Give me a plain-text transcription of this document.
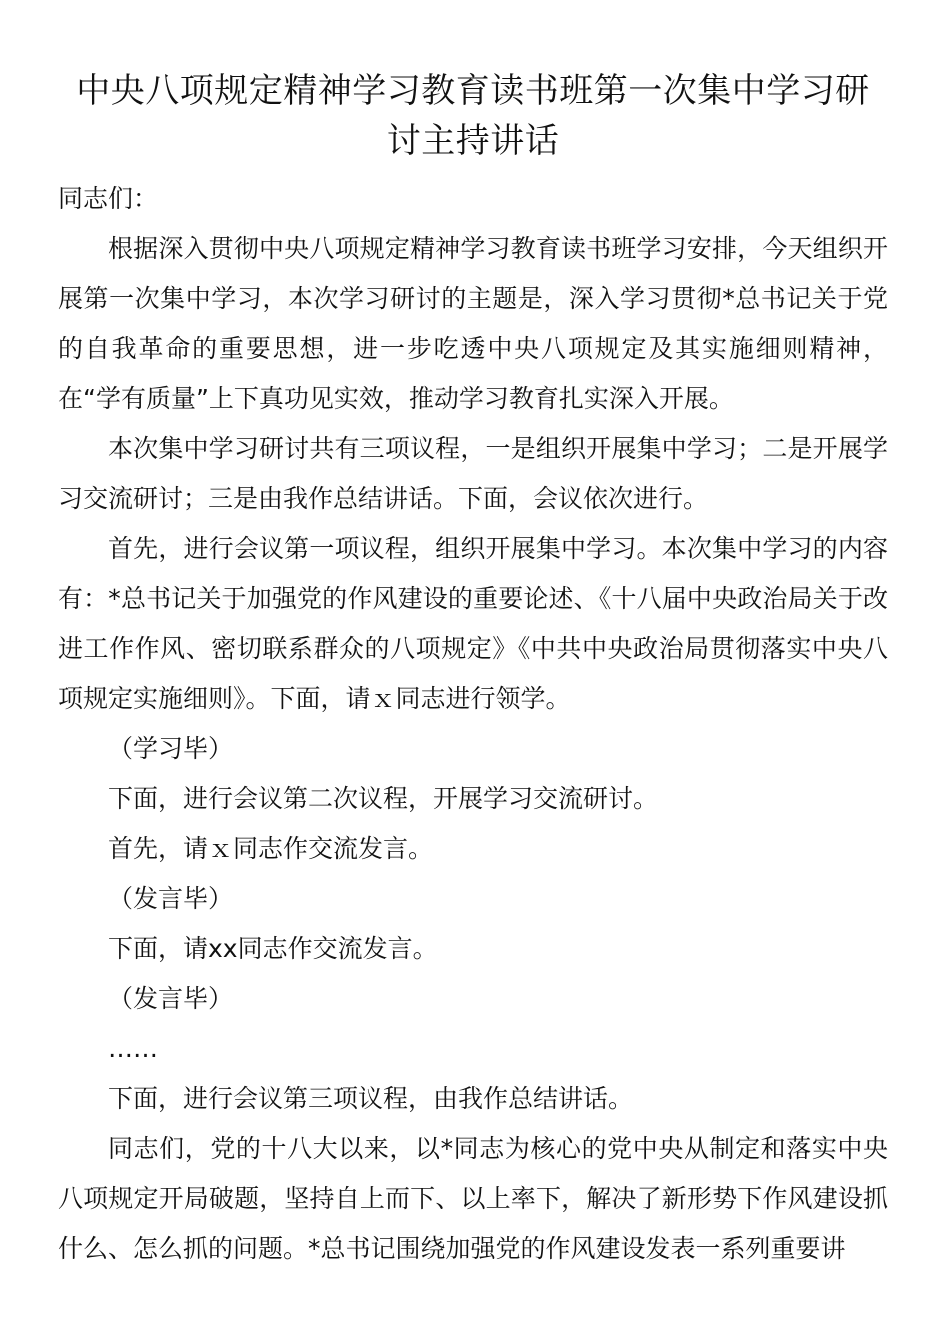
中央八项规定精神学习教育读书班第一次集中学习研
讨主持讲话

同志们：

根据深入贯彻中央八项规定精神学习教育读书班学习安排，今天组织开展第一次集中学习，本次学习研讨的主题是，深入学习贯彻*总书记关于党的自我革命的重要思想，进一步吃透中央八项规定及其实施细则精神，在“学有质量”上下真功见实效，推动学习教育扎实深入开展。

本次集中学习研讨共有三项议程，一是组织开展集中学习；二是开展学习交流研讨；三是由我作总结讲话。下面，会议依次进行。

首先，进行会议第一项议程，组织开展集中学习。本次集中学习的内容有：*总书记关于加强党的作风建设的重要论述、《十八届中央政治局关于改进工作作风、密切联系群众的八项规定》《中共中央政治局贯彻落实中央八项规定实施细则》。下面，请ｘ同志进行领学。

（学习毕）

下面，进行会议第二次议程，开展学习交流研讨。

首先，请ｘ同志作交流发言。

（发言毕）

下面，请xx同志作交流发言。

（发言毕）

……

下面，进行会议第三项议程，由我作总结讲话。

同志们，党的十八大以来，以*同志为核心的党中央从制定和落实中央八项规定开局破题，坚持自上而下、以上率下，解决了新形势下作风建设抓什么、怎么抓的问题。*总书记围绕加强党的作风建设发表一系列重要讲
